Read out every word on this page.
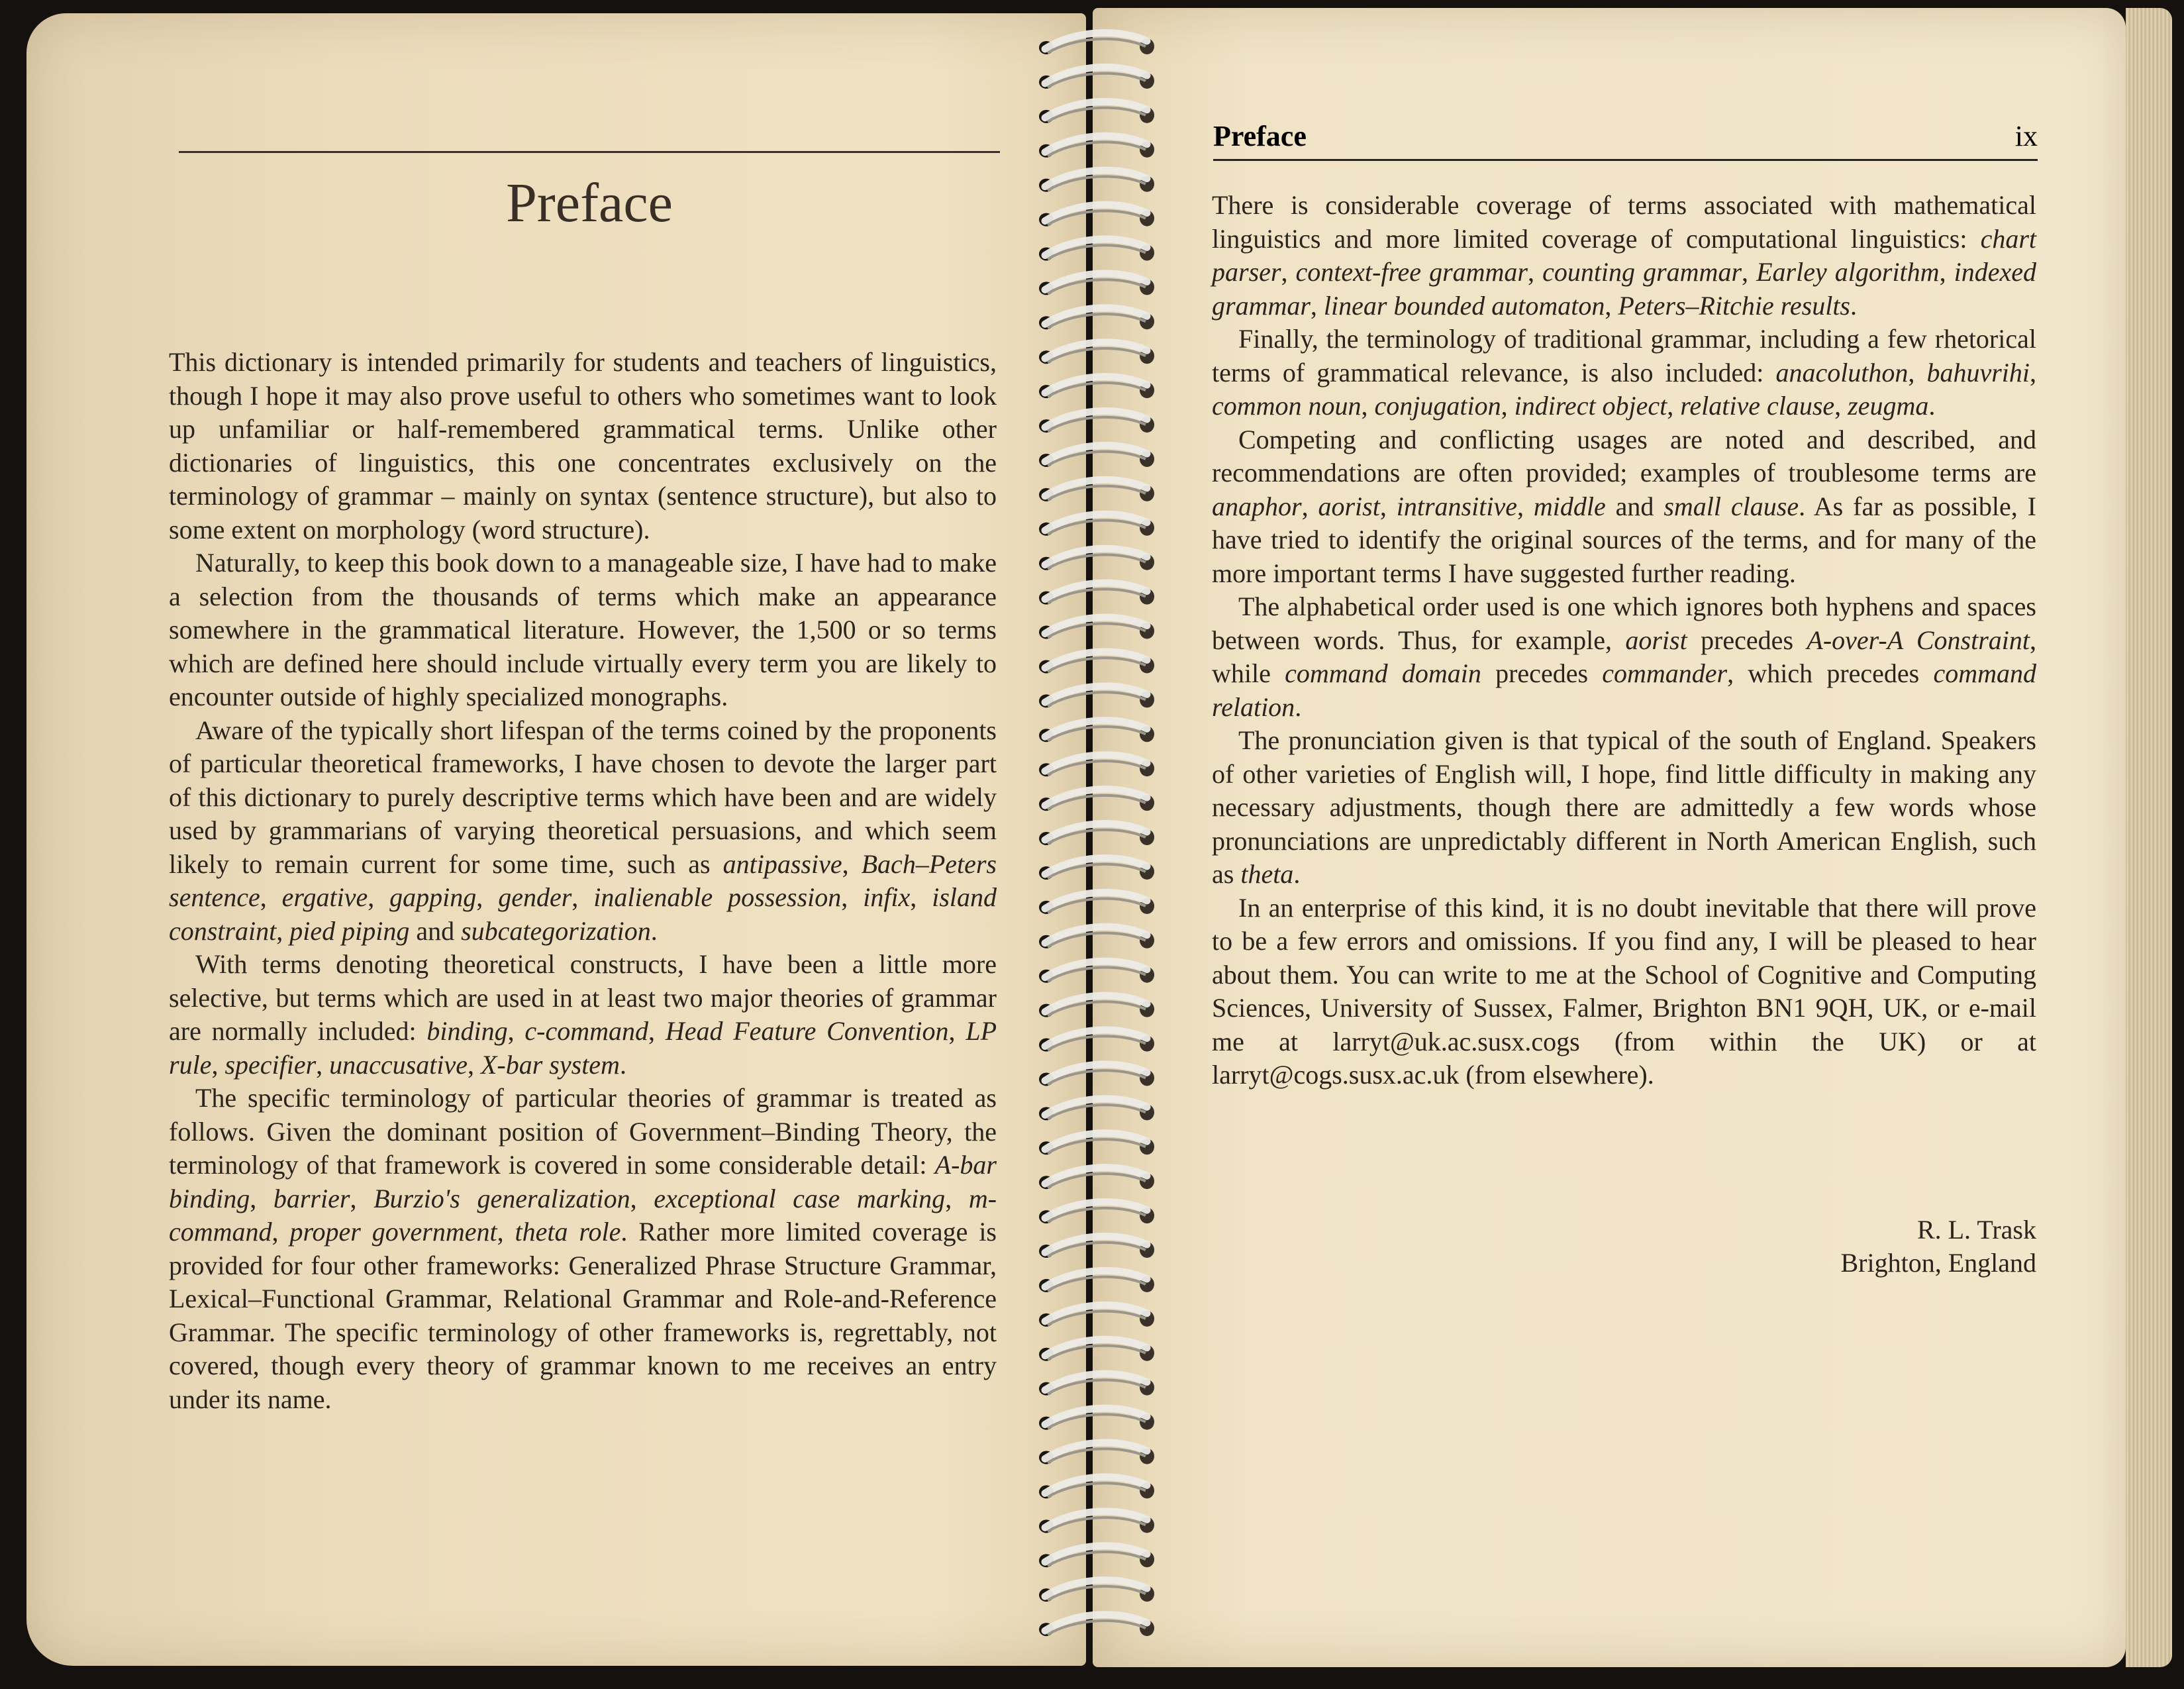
Preface

This dictionary is intended primarily for students and teachers of linguistics, though I hope it may also prove useful to others who sometimes want to look up unfamiliar or half-remembered grammatical terms. Unlike other dictionaries of linguistics, this one concentrates exclusively on the terminology of grammar – mainly on syntax (sentence structure), but also to some extent on morphology (word structure).

Naturally, to keep this book down to a manageable size, I have had to make a selection from the thousands of terms which make an appearance somewhere in the grammatical literature. However, the 1,500 or so terms which are defined here should include virtually every term you are likely to encounter outside of highly specialized monographs.

Aware of the typically short lifespan of the terms coined by the proponents of particular theoretical frameworks, I have chosen to devote the larger part of this dictionary to purely descriptive terms which have been and are widely used by grammarians of varying theoretical persuasions, and which seem likely to remain current for some time, such as antipassive, Bach–Peters sentence, ergative, gapping, gender, inalienable possession, infix, island constraint, pied piping and subcategorization.

With terms denoting theoretical constructs, I have been a little more selective, but terms which are used in at least two major theories of grammar are normally included: binding, c-command, Head Feature Convention, LP rule, specifier, unaccusative, X-bar system.

The specific terminology of particular theories of grammar is treated as follows. Given the dominant position of Government–Binding Theory, the terminology of that framework is covered in some considerable detail: A-bar binding, barrier, Burzio's generalization, exceptional case marking, m-command, proper government, theta role. Rather more limited coverage is provided for four other frameworks: Generalized Phrase Structure Grammar, Lexical–Functional Grammar, Relational Grammar and Role-and-Reference Grammar. The specific terminology of other frameworks is, regrettably, not covered, though every theory of grammar known to me receives an entry under its name.

Preface	ix

There is considerable coverage of terms associated with mathematical linguistics and more limited coverage of computational linguistics: chart parser, context-free grammar, counting grammar, Earley algorithm, indexed grammar, linear bounded automaton, Peters–Ritchie results.

Finally, the terminology of traditional grammar, including a few rhetorical terms of grammatical relevance, is also included: anacoluthon, bahuvrihi, common noun, conjugation, indirect object, relative clause, zeugma.

Competing and conflicting usages are noted and described, and recommendations are often provided; examples of troublesome terms are anaphor, aorist, intransitive, middle and small clause. As far as possible, I have tried to identify the original sources of the terms, and for many of the more important terms I have suggested further reading.

The alphabetical order used is one which ignores both hyphens and spaces between words. Thus, for example, aorist precedes A-over-A Constraint, while command domain precedes commander, which precedes command relation.

The pronunciation given is that typical of the south of England. Speakers of other varieties of English will, I hope, find little difficulty in making any necessary adjustments, though there are admittedly a few words whose pronunciations are unpredictably different in North American English, such as theta.

In an enterprise of this kind, it is no doubt inevitable that there will prove to be a few errors and omissions. If you find any, I will be pleased to hear about them. You can write to me at the School of Cognitive and Computing Sciences, University of Sussex, Falmer, Brighton BN1 9QH, UK, or e-mail me at larryt@uk.ac.susx.cogs (from within the UK) or at larryt@cogs.susx.ac.uk (from elsewhere).

R. L. Trask
Brighton, England
